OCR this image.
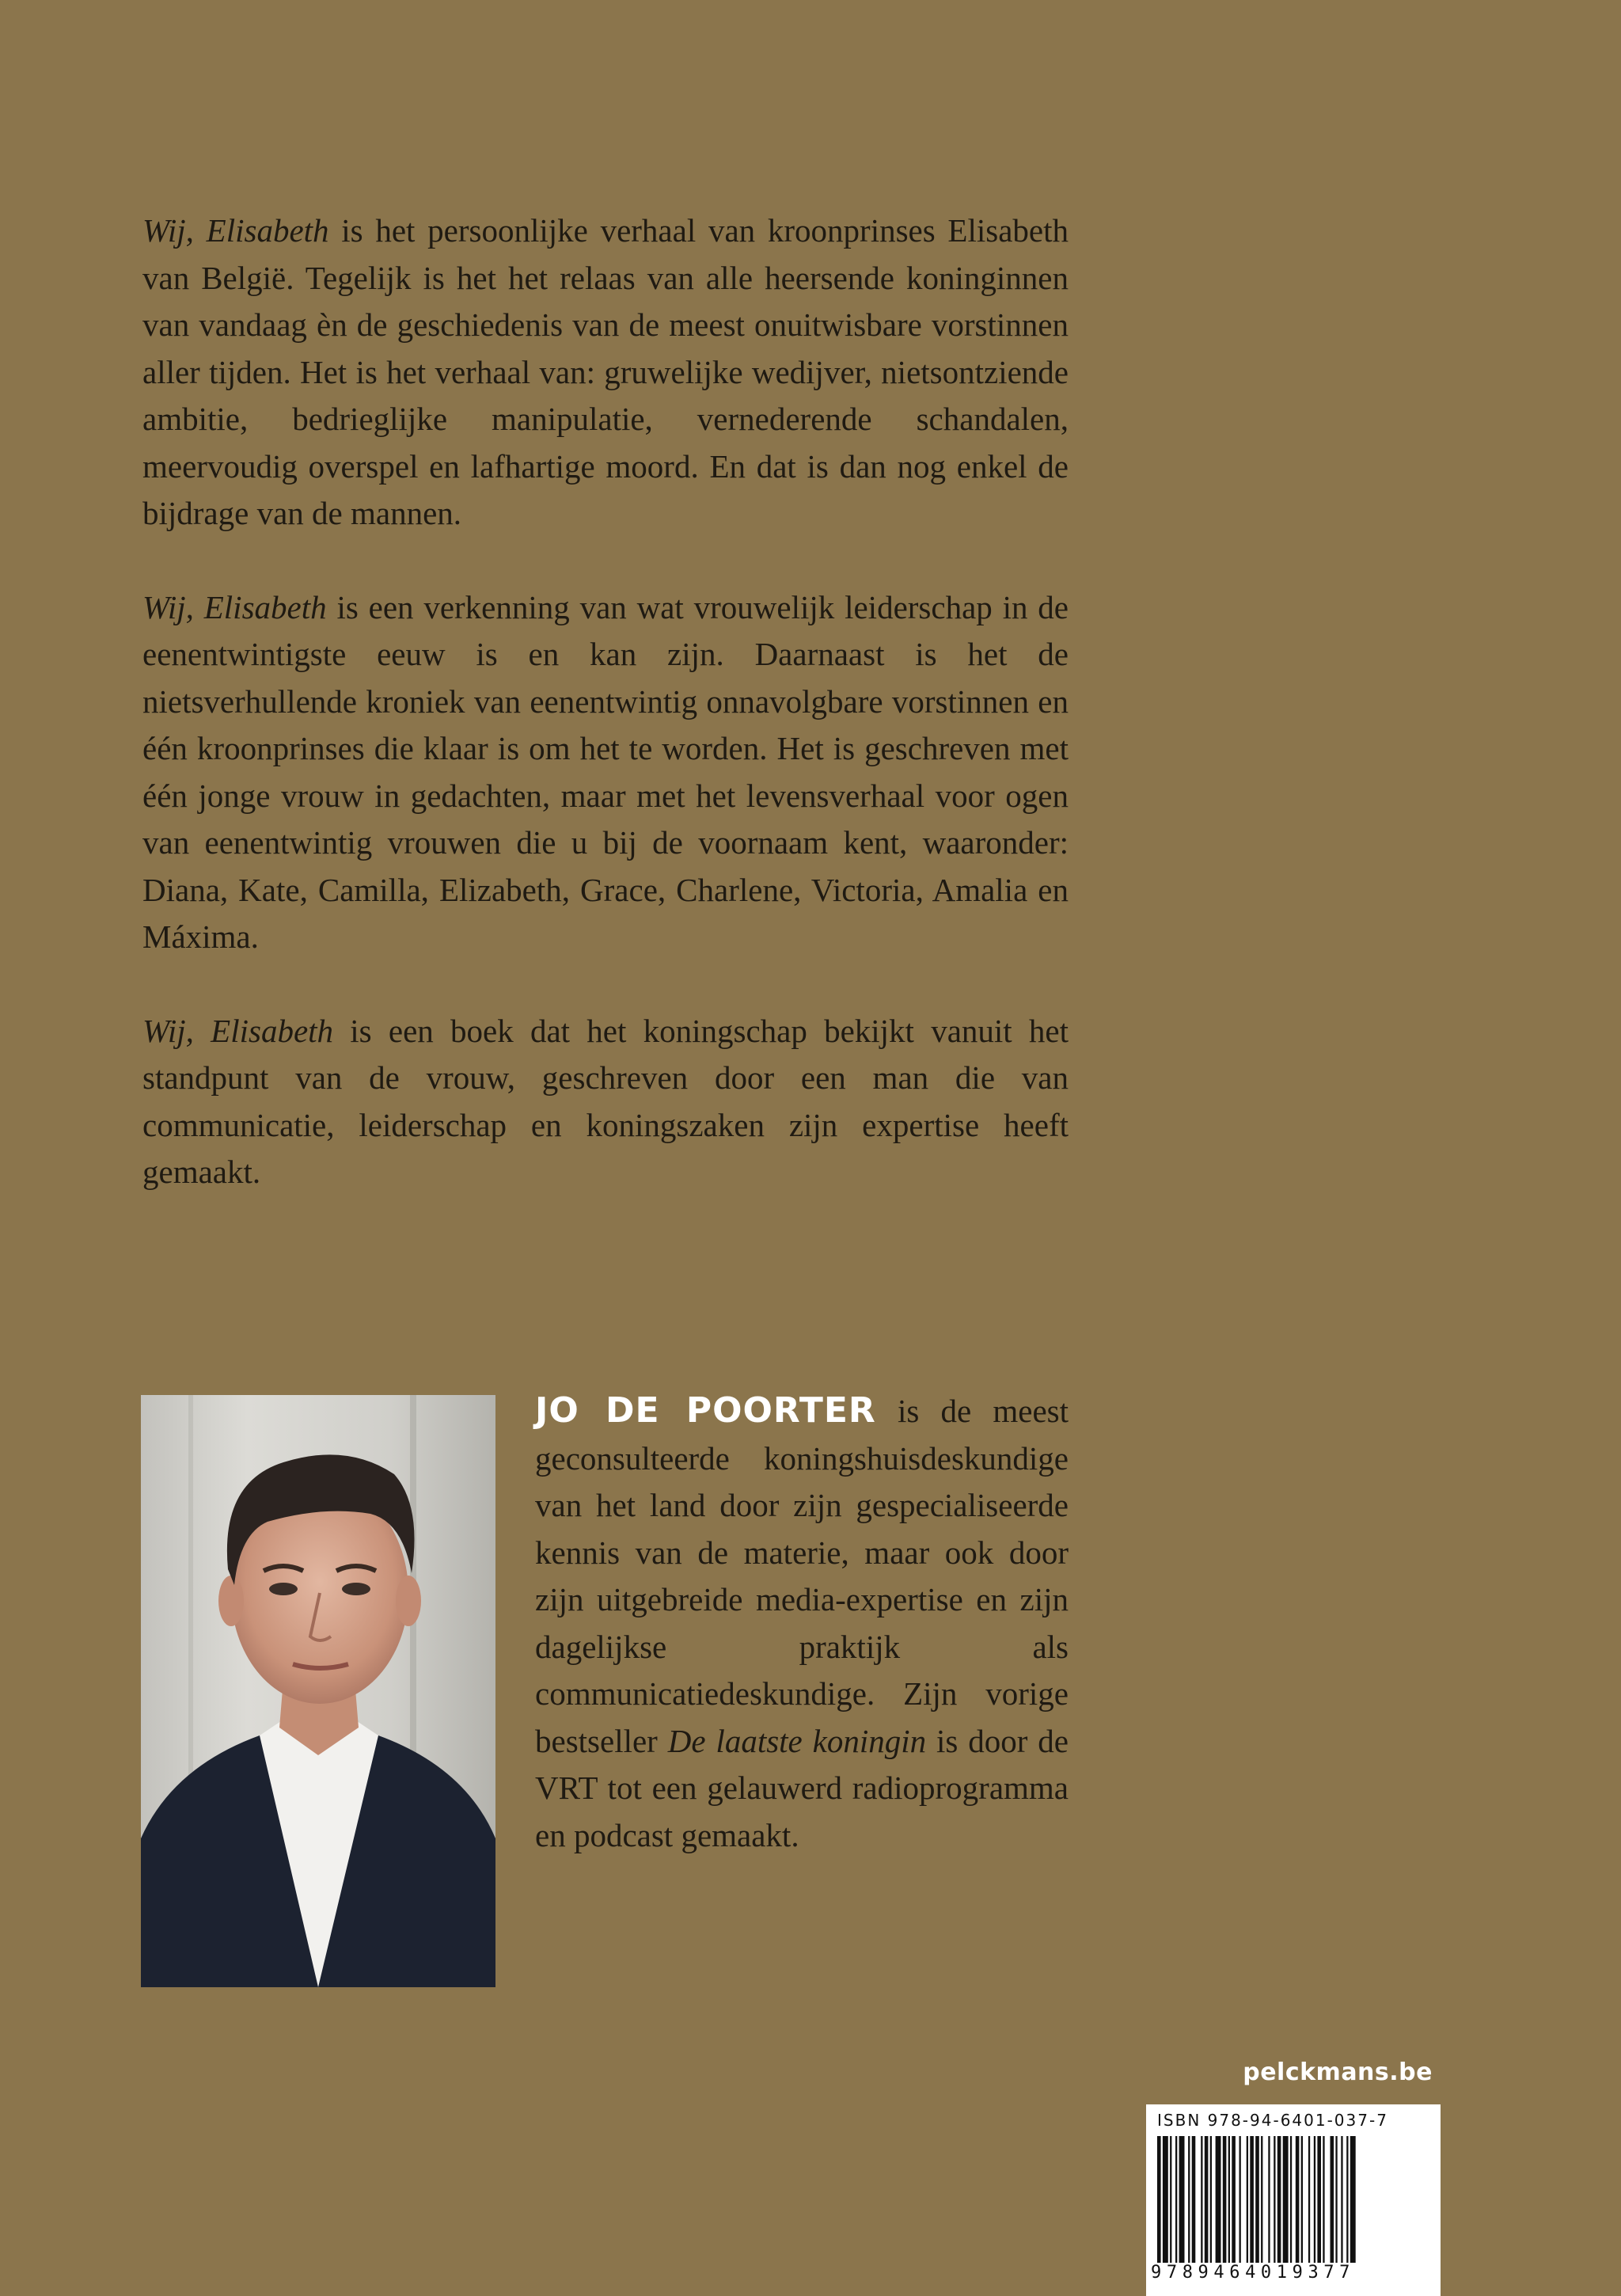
Wij, Elisabeth is het persoonlijke verhaal van kroonprinses Elisabeth van België. Tegelijk is het het relaas van alle heersende koninginnen van vandaag èn de geschiedenis van de meest onuitwisbare vorstinnen aller tijden. Het is het verhaal van: gruwelijke wedijver, nietsontziende ambitie, bedrieglijke manipulatie, vernederende schandalen, meervoudig overspel en lafhartige moord. En dat is dan nog enkel de bijdrage van de mannen.

Wij, Elisabeth is een verkenning van wat vrouwelijk leiderschap in de eenentwintigste eeuw is en kan zijn. Daarnaast is het de nietsverhullende kroniek van eenentwintig onnavolgbare vorstinnen en één kroonprinses die klaar is om het te worden. Het is geschreven met één jonge vrouw in gedachten, maar met het levensverhaal voor ogen van eenentwintig vrouwen die u bij de voornaam kent, waaronder: Diana, Kate, Camilla, Elizabeth, Grace, Charlene, Victoria, Amalia en Máxima.

Wij, Elisabeth is een boek dat het koningschap bekijkt vanuit het standpunt van de vrouw, geschreven door een man die van communicatie, leiderschap en koningszaken zijn expertise heeft gemaakt.

JO DE POORTER is de meest geconsulteerde koningshuisdeskundige van het land door zijn gespecialiseerde kennis van de materie, maar ook door zijn uitgebreide media-expertise en zijn dagelijkse praktijk als communicatiedeskundige. Zijn vorige bestseller De laatste koningin is door de VRT tot een gelauwerd radioprogramma en podcast gemaakt.

pelckmans.be
ISBN 978-94-6401-037-7
9789464019377
